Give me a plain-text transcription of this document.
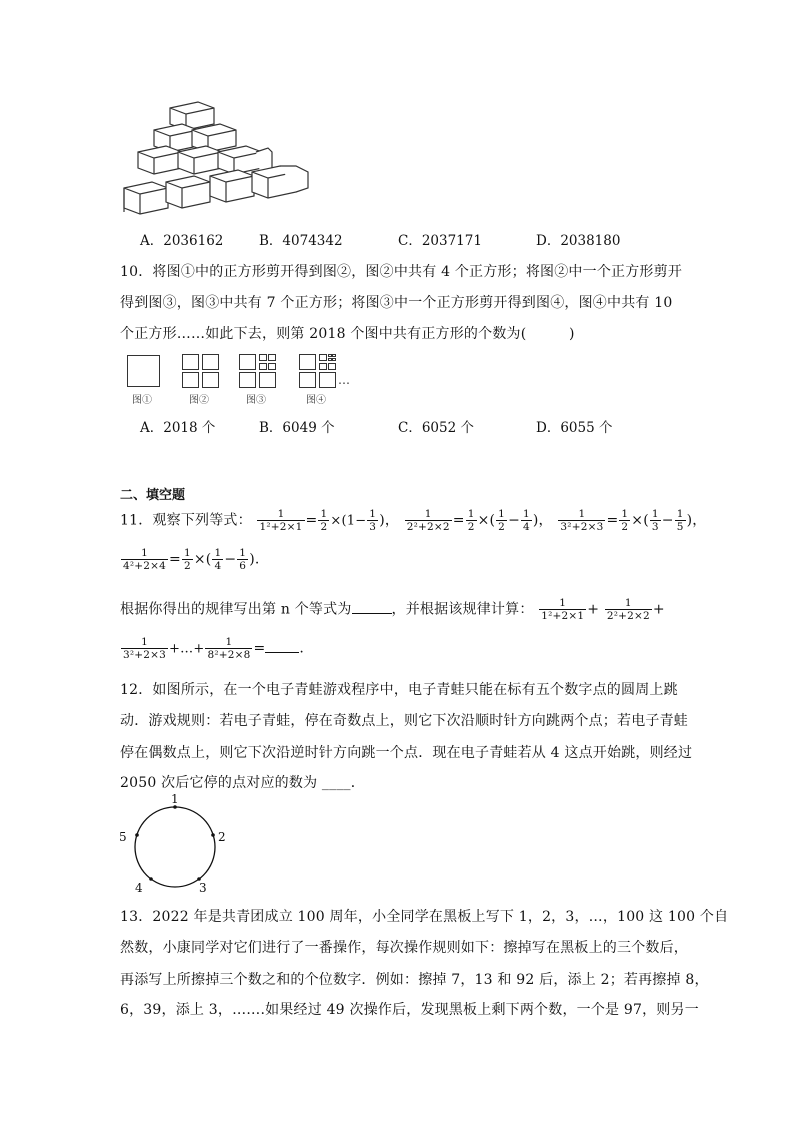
A．2036162	B．4074342	C．2037171	D．2038180
10．将图①中的正方形剪开得到图②，图②中共有 4 个正方形；将图②中一个正方形剪开
得到图③，图③中共有 7 个正方形；将图③中一个正方形剪开得到图④，图④中共有 10
个正方形……如此下去，则第 2018 个图中共有正方形的个数为(　　　)
…
图①	图②	图③	图④
A．2018 个	B．6049 个	C．6052 个	D．6055 个
二、填空题
11．观察下列等式： $\frac{1}{\text{1²+2×1}} = \frac{1}{2} \times(1- \frac{1}{3}$ )， $\frac{1}{\text{2²+2×2}} = \frac{1}{2}$ ×( $\frac{1}{2} - \frac{1}{4}$ )， $\frac{1}{\text{3²+2×3}} = \frac{1}{2}$ ×( $\frac{1}{3} - \frac{1}{5}$ )，
$\frac{1}{\text{4²+2×4}} = \frac{1}{2}$ ×( $\frac{1}{4} - \frac{1}{6}$ ).
根据你得出的规律写出第 n 个等式为	，并根据该规律计算： $\frac{1}{\text{1²+2×1}} + \frac{1}{\text{2²+2×2}}$ +
$\frac{1}{\text{3²+2×3}}$ +…+ $\frac{1}{\text{8²+2×8}}$ = .
12．如图所示，在一个电子青蛙游戏程序中，电子青蛙只能在标有五个数字点的圆周上跳
动．游戏规则：若电子青蛙，停在奇数点上，则它下次沿顺时针方向跳两个点；若电子青蛙
停在偶数点上，则它下次沿逆时针方向跳一个点．现在电子青蛙若从 4 这点开始跳，则经过
2050 次后它停的点对应的数为 ____．
1
2
3
4
5
13．2022 年是共青团成立 100 周年，小全同学在黑板上写下 1，2，3，…，100 这 100 个自
然数，小康同学对它们进行了一番操作，每次操作规则如下：擦掉写在黑板上的三个数后，
再添写上所擦掉三个数之和的个位数字．例如：擦掉 7，13 和 92 后，添上 2；若再擦掉 8，
6，39，添上 3，…….如果经过 49 次操作后，发现黑板上剩下两个数，一个是 97，则另一
